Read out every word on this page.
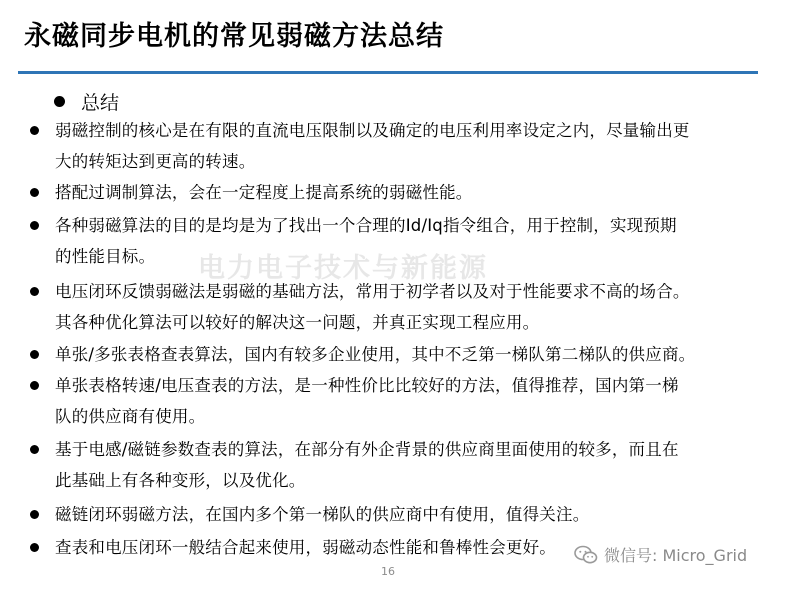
永磁同步电机的常见弱磁方法总结
总结
电力电子技术与新能源
弱磁控制的核心是在有限的直流电压限制以及确定的电压利用率设定之内，尽量输出更
大的转矩达到更高的转速。
搭配过调制算法，会在一定程度上提高系统的弱磁性能。
各种弱磁算法的目的是均是为了找出一个合理的Id/Iq指令组合，用于控制，实现预期
的性能目标。
电压闭环反馈弱磁法是弱磁的基础方法，常用于初学者以及对于性能要求不高的场合。
其各种优化算法可以较好的解决这一问题，并真正实现工程应用。
单张/多张表格查表算法，国内有较多企业使用，其中不乏第一梯队第二梯队的供应商。
单张表格转速/电压查表的方法，是一种性价比比较好的方法，值得推荐，国内第一梯
队的供应商有使用。
基于电感/磁链参数查表的算法，在部分有外企背景的供应商里面使用的较多，而且在
此基础上有各种变形，以及优化。
磁链闭环弱磁方法，在国内多个第一梯队的供应商中有使用，值得关注。
查表和电压闭环一般结合起来使用，弱磁动态性能和鲁棒性会更好。
16
微信号: Micro_Grid
